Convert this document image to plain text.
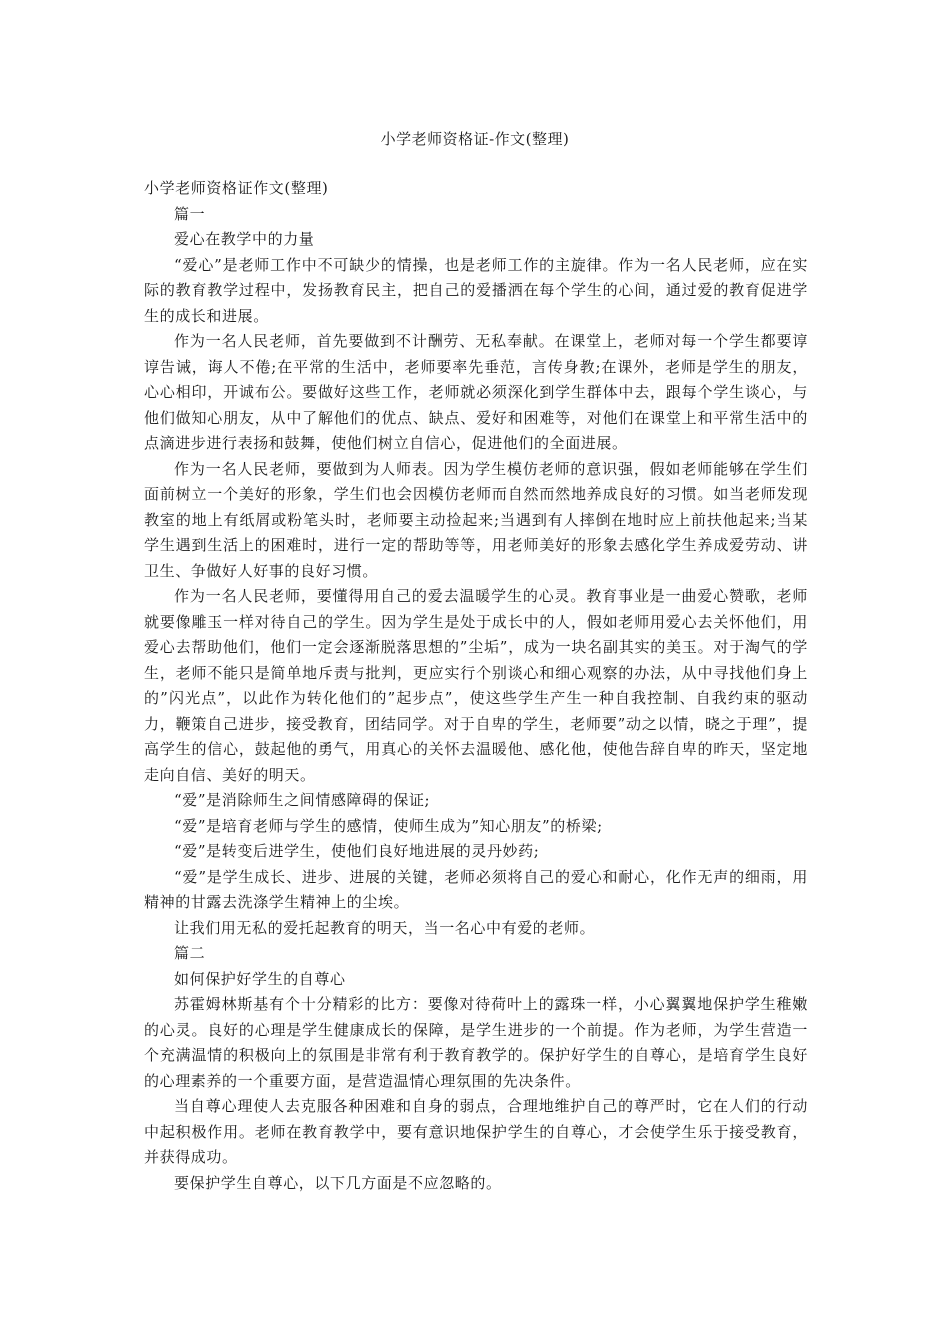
小学老师资格证-作文(整理)

小学老师资格证作文(整理)

篇一

爱心在教学中的力量

“爱心”是老师工作中不可缺少的情操，也是老师工作的主旋律。作为一名人民老师，应在实际的教育教学过程中，发扬教育民主，把自己的爱播洒在每个学生的心间，通过爱的教育促进学生的成长和进展。

作为一名人民老师，首先要做到不计酬劳、无私奉献。在课堂上，老师对每一个学生都要谆谆告诫，诲人不倦;在平常的生活中，老师要率先垂范，言传身教;在课外，老师是学生的朋友，心心相印，开诚布公。要做好这些工作，老师就必须深化到学生群体中去，跟每个学生谈心，与他们做知心朋友，从中了解他们的优点、缺点、爱好和困难等，对他们在课堂上和平常生活中的点滴进步进行表扬和鼓舞，使他们树立自信心，促进他们的全面进展。

作为一名人民老师，要做到为人师表。因为学生模仿老师的意识强，假如老师能够在学生们面前树立一个美好的形象，学生们也会因模仿老师而自然而然地养成良好的习惯。如当老师发现教室的地上有纸屑或粉笔头时，老师要主动捡起来;当遇到有人摔倒在地时应上前扶他起来;当某学生遇到生活上的困难时，进行一定的帮助等等，用老师美好的形象去感化学生养成爱劳动、讲卫生、争做好人好事的良好习惯。

作为一名人民老师，要懂得用自己的爱去温暖学生的心灵。教育事业是一曲爱心赞歌，老师就要像雕玉一样对待自己的学生。因为学生是处于成长中的人，假如老师用爱心去关怀他们，用爱心去帮助他们，他们一定会逐渐脱落思想的”尘垢”，成为一块名副其实的美玉。对于淘气的学生，老师不能只是简单地斥责与批判，更应实行个别谈心和细心观察的办法，从中寻找他们身上的”闪光点”，以此作为转化他们的”起步点”，使这些学生产生一种自我控制、自我约束的驱动力，鞭策自己进步，接受教育，团结同学。对于自卑的学生，老师要”动之以情，晓之于理”，提高学生的信心，鼓起他的勇气，用真心的关怀去温暖他、感化他，使他告辞自卑的昨天，坚定地走向自信、美好的明天。

“爱”是消除师生之间情感障碍的保证;

“爱”是培育老师与学生的感情，使师生成为”知心朋友”的桥梁;

“爱”是转变后进学生，使他们良好地进展的灵丹妙药;

“爱”是学生成长、进步、进展的关键，老师必须将自己的爱心和耐心，化作无声的细雨，用精神的甘露去洗涤学生精神上的尘埃。

让我们用无私的爱托起教育的明天，当一名心中有爱的老师。

篇二

如何保护好学生的自尊心

苏霍姆林斯基有个十分精彩的比方：要像对待荷叶上的露珠一样，小心翼翼地保护学生稚嫩的心灵。良好的心理是学生健康成长的保障，是学生进步的一个前提。作为老师，为学生营造一个充满温情的积极向上的氛围是非常有利于教育教学的。保护好学生的自尊心，是培育学生良好的心理素养的一个重要方面，是营造温情心理氛围的先决条件。

当自尊心理使人去克服各种困难和自身的弱点，合理地维护自己的尊严时，它在人们的行动中起积极作用。老师在教育教学中，要有意识地保护学生的自尊心，才会使学生乐于接受教育，并获得成功。

要保护学生自尊心，以下几方面是不应忽略的。
